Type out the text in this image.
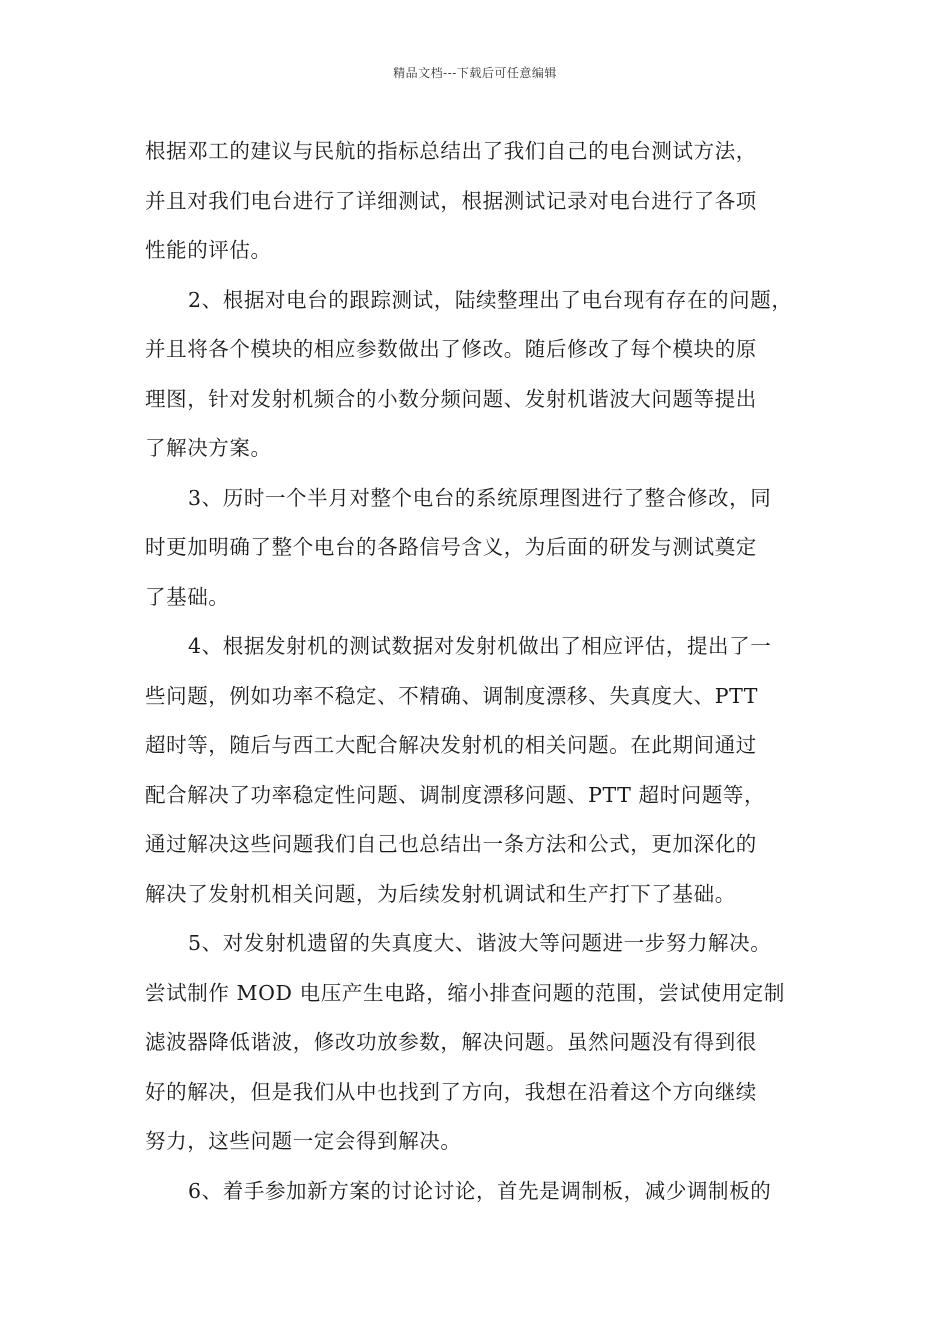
精品文档---下载后可任意编辑
根据邓工的建议与民航的指标总结出了我们自己的电台测试方法，
并且对我们电台进行了详细测试，根据测试记录对电台进行了各项
性能的评估。
2、根据对电台的跟踪测试，陆续整理出了电台现有存在的问题，
并且将各个模块的相应参数做出了修改。随后修改了每个模块的原
理图，针对发射机频合的小数分频问题、发射机谐波大问题等提出
了解决方案。
3、历时一个半月对整个电台的系统原理图进行了整合修改，同
时更加明确了整个电台的各路信号含义，为后面的研发与测试奠定
了基础。
4、根据发射机的测试数据对发射机做出了相应评估，提出了一
些问题，例如功率不稳定、不精确、调制度漂移、失真度大、PTT
超时等，随后与西工大配合解决发射机的相关问题。在此期间通过
配合解决了功率稳定性问题、调制度漂移问题、PTT 超时问题等，
通过解决这些问题我们自己也总结出一条方法和公式，更加深化的
解决了发射机相关问题，为后续发射机调试和生产打下了基础。
5、对发射机遗留的失真度大、谐波大等问题进一步努力解决。
尝试制作 MOD 电压产生电路，缩小排查问题的范围，尝试使用定制
滤波器降低谐波，修改功放参数，解决问题。虽然问题没有得到很
好的解决，但是我们从中也找到了方向，我想在沿着这个方向继续
努力，这些问题一定会得到解决。
6、着手参加新方案的讨论讨论，首先是调制板，减少调制板的
